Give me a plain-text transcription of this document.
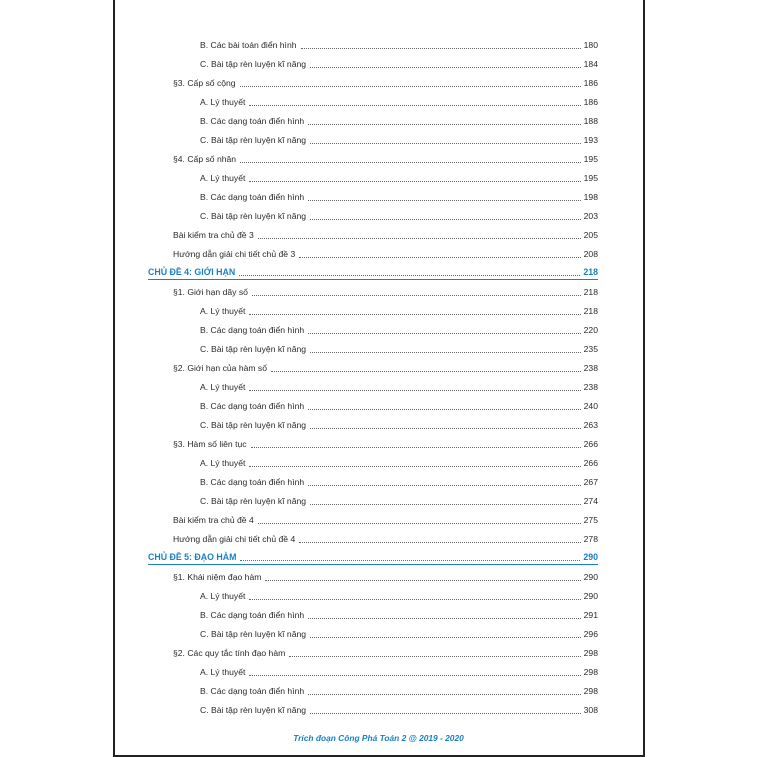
B. Các bài toán điển hình	180
C. Bài tập rèn luyện kĩ năng	184
§3. Cấp số cộng	186
A. Lý thuyết	186
B. Các dạng toán điển hình	188
C. Bài tập rèn luyện kĩ năng	193
§4. Cấp số nhân	195
A. Lý thuyết	195
B. Các dạng toán điển hình	198
C. Bài tập rèn luyện kĩ năng	203
Bài kiểm tra chủ đề 3	205
Hướng dẫn giải chi tiết chủ đề 3	208
CHỦ ĐỀ 4: GIỚI HẠN	218
§1. Giới hạn dãy số	218
A. Lý thuyết	218
B. Các dạng toán điển hình	220
C. Bài tập rèn luyện kĩ năng	235
§2. Giới hạn của hàm số	238
A. Lý thuyết	238
B. Các dạng toán điển hình	240
C. Bài tập rèn luyện kĩ năng	263
§3. Hàm số liên tục	266
A. Lý thuyết	266
B. Các dạng toán điển hình	267
C. Bài tập rèn luyện kĩ năng	274
Bài kiểm tra chủ đề 4	275
Hướng dẫn giải chi tiết chủ đề 4	278
CHỦ ĐỀ 5: ĐẠO HÀM	290
§1. Khái niệm đạo hàm	290
A. Lý thuyết	290
B. Các dạng toán điển hình	291
C. Bài tập rèn luyện kĩ năng	296
§2. Các quy tắc tính đạo hàm	298
A. Lý thuyết	298
B. Các dạng toán điển hình	298
C. Bài tập rèn luyện kĩ năng	308
Trích đoạn Công Phá Toán 2 @ 2019 - 2020
